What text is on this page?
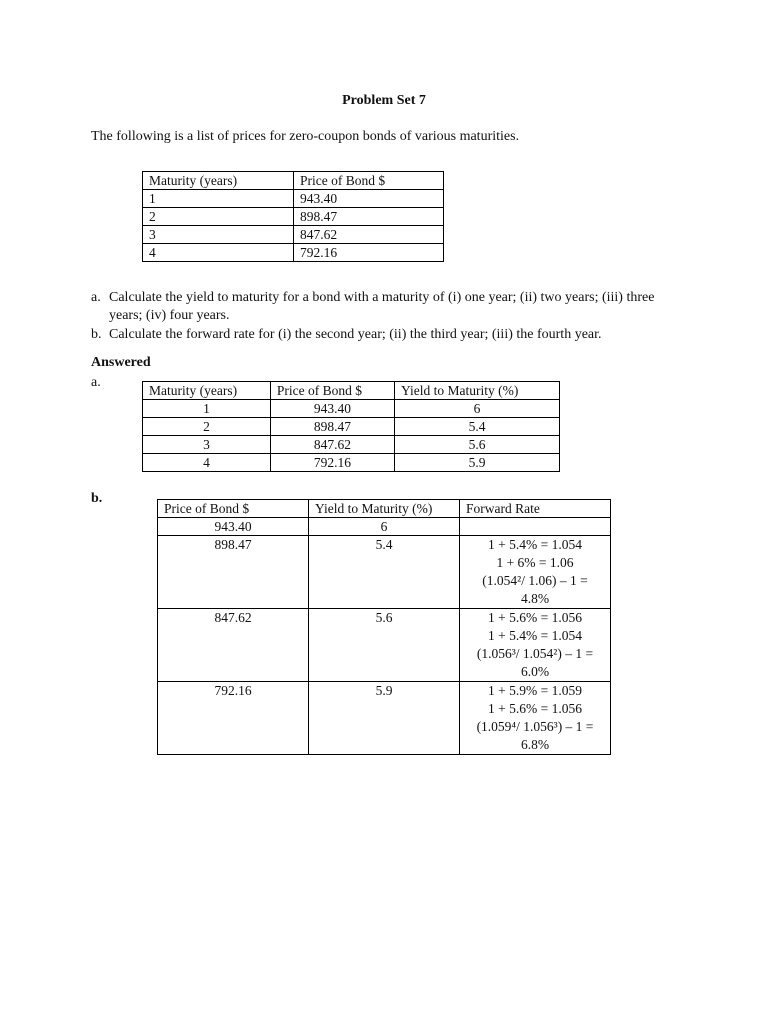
Problem Set 7
The following is a list of prices for zero-coupon bonds of various maturities.
Maturity (years)	Price of Bond $
1	943.40
2	898.47
3	847.62
4	792.16
a. Calculate the yield to maturity for a bond with a maturity of (i) one year; (ii) two years; (iii) three years; (iv) four years.
b. Calculate the forward rate for (i) the second year; (ii) the third year; (iii) the fourth year.
Answered
a.
Maturity (years)	Price of Bond $	Yield to Maturity (%)
1	943.40	6
2	898.47	5.4
3	847.62	5.6
4	792.16	5.9
b.
Price of Bond $	Yield to Maturity (%)	Forward Rate
943.40	6	
898.47	5.4	1 + 5.4% = 1.054
1 + 6% = 1.06
(1.054²/ 1.06) – 1 =
4.8%

847.62	5.6	1 + 5.6% = 1.056
1 + 5.4% = 1.054
(1.056³/ 1.054²) – 1 =
6.0%

792.16	5.9	1 + 5.9% = 1.059
1 + 5.6% = 1.056
(1.059⁴/ 1.056³) – 1 =
6.8%
